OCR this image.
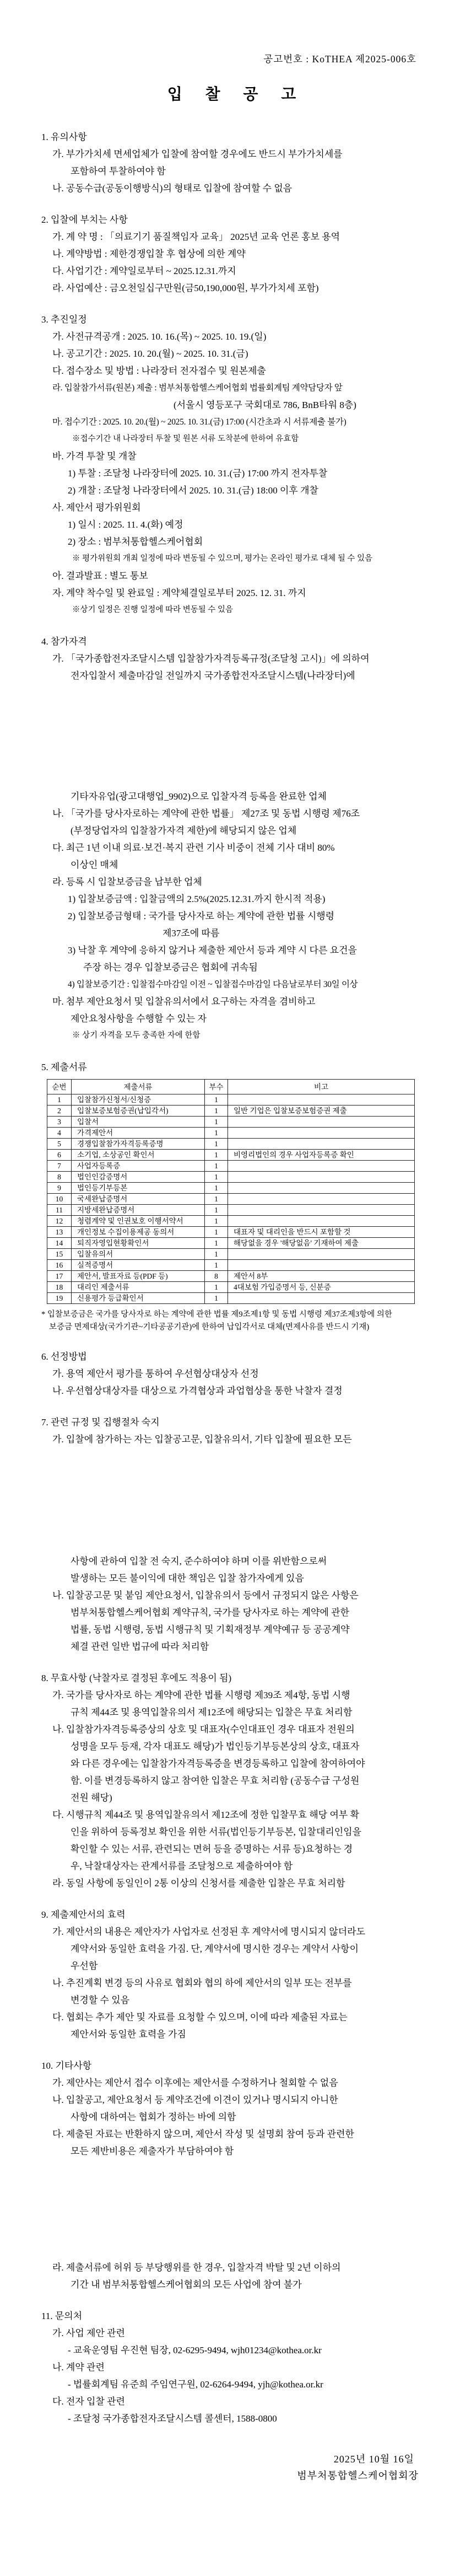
공고번호 : KoTHEA 제2025-006호
입 찰 공 고
1. 유의사항
가. 부가가치세 면세업체가 입찰에 참여할 경우에도 반드시 부가가치세를
포함하여 투찰하여야 함
나. 공동수급(공동이행방식)의 형태로 입찰에 참여할 수 없음
2. 입찰에 부치는 사항
가. 계 약 명 : 「의료기기 품질책임자 교육」 2025년 교육 언론 홍보 용역
나. 계약방법 : 제한경쟁입찰 후 협상에 의한 계약
다. 사업기간 : 계약일로부터 ~ 2025.12.31.까지
라. 사업예산 : 금오천일십구만원(금50,190,000원, 부가가치세 포함)
3. 추진일정
가. 사전규격공개 : 2025. 10. 16.(목) ~ 2025. 10. 19.(일)
나. 공고기간 : 2025. 10. 20.(월) ~ 2025. 10. 31.(금)
다. 접수장소 및 방법 : 나라장터 전자접수 및 원본제출
라. 입찰참가서류(원본) 제출 : 범부처통합헬스케어협회 법률회계팀 계약담당자 앞
(서울시 영등포구 국회대로 786, BnB타워 8층)
마. 접수기간 : 2025. 10. 20.(월) ~ 2025. 10. 31.(금) 17:00 (시간초과 시 서류제출 불가)
※접수기간 내 나라장터 투찰 및 원본 서류 도착분에 한하여 유효함
바. 가격 투찰 및 개찰
1) 투찰 : 조달청 나라장터에 2025. 10. 31.(금) 17:00 까지 전자투찰
2) 개찰 : 조달청 나라장터에서 2025. 10. 31.(금) 18:00 이후 개찰
사. 제안서 평가위원회
1) 일시 : 2025. 11. 4.(화) 예정
2) 장소 : 범부처통합헬스케어협회
※ 평가위원회 개최 일정에 따라 변동될 수 있으며, 평가는 온라인 평가로 대체 될 수 있음
아. 결과발표 : 별도 통보
자. 계약 착수일 및 완료일 : 계약체결일로부터 2025. 12. 31. 까지
※상기 일정은 진행 일정에 따라 변동될 수 있음
4. 참가자격
가. 「국가종합전자조달시스템 입찰참가자격등록규정(조달청 고시)」에 의하여
전자입찰서 제출마감일 전일까지 국가종합전자조달시스템(나라장터)에
기타자유업(광고대행업_9902)으로 입찰자격 등록을 완료한 업체
나. 「국가를 당사자로하는 계약에 관한 법률」 제27조 및 동법 시행령 제76조
(부정당업자의 입찰참가자격 제한)에 해당되지 않은 업체
다. 최근 1년 이내 의료·보건·복지 관련 기사 비중이 전체 기사 대비 80%
이상인 매체
라. 등록 시 입찰보증금을 납부한 업체
1) 입찰보증금액 : 입찰금액의 2.5%(2025.12.31.까지 한시적 적용)
2) 입찰보증금형태 : 국가를 당사자로 하는 계약에 관한 법률 시행령
제37조에 따름
3) 낙찰 후 계약에 응하지 않거나 제출한 제안서 등과 계약 시 다른 요건을
주장 하는 경우 입찰보증금은 협회에 귀속됨
4) 입찰보증기간 : 입찰접수마감일 이전 ~ 입찰접수마감일 다음날로부터 30일 이상
마. 첨부 제안요청서 및 입찰유의서에서 요구하는 자격을 겸비하고
제안요청사항을 수행할 수 있는 자
※ 상기 자격을 모두 충족한 자에 한함
5. 제출서류
순번	제출서류	부수	비고
1	입찰참가신청서/신청증	1	
2	입찰보증보험증권(납입각서)	1	일반 기업은 입찰보증보험증권 제출
3	입찰서	1	
4	가격제안서	1	
5	경쟁입찰참가자격등록증명	1	
6	소기업, 소상공인 확인서	1	비영리법인의 경우 사업자등록증 확인
7	사업자등록증	1	
8	법인인감증명서	1	
9	법인등기부등본	1	
10	국세완납증명서	1	
11	지방세완납증명서	1	
12	청렴계약 및 인권보호 이행서약서	1	
13	개인정보 수집이용제공 동의서	1	대표자 및 대리인을 반드시 포함할 것
14	퇴직자영입현황확인서	1	해당없을 경우 '해당없음' 기재하여 제출
15	입찰유의서	1	
16	실적증명서	1	
17	제안서, 발표자료 등(PDF 등)	8	제안서 8부
18	대리인 제출서류	1	4대보험 가입증명서 등, 신분증
19	신용평가 등급확인서	1	
* 입찰보증금은 국가를 당사자로 하는 계약에 관한 법률 제9조제1항 및 동법 시행령 제37조제3항에 의한
보증금 면제대상(국가기관~기타공공기관)에 한하여 납입각서로 대체(면제사유를 반드시 기재)
6. 선정방법
가. 용역 제안서 평가를 통하여 우선협상대상자 선정
나. 우선협상대상자를 대상으로 가격협상과 과업협상을 통한 낙찰자 결정
7. 관련 규정 및 집행절차 숙지
가. 입찰에 참가하는 자는 입찰공고문, 입찰유의서, 기타 입찰에 필요한 모든
사항에 관하여 입찰 전 숙지, 준수하여야 하며 이를 위반함으로써
발생하는 모든 불이익에 대한 책임은 입찰 참가자에게 있음
나. 입찰공고문 및 붙임 제안요청서, 입찰유의서 등에서 규정되지 않은 사항은
범부처통합헬스케어협회 계약규칙, 국가를 당사자로 하는 계약에 관한
법률, 동법 시행령, 동법 시행규칙 및 기획재정부 계약예규 등 공공계약
체결 관련 일반 법규에 따라 처리함
8. 무효사항 (낙찰자로 결정된 후에도 적용이 됨)
가. 국가를 당사자로 하는 계약에 관한 법률 시행령 제39조 제4항, 동법 시행
규칙 제44조 및 용역입찰유의서 제12조에 해당되는 입찰은 무효 처리함
나. 입찰참가자격등록증상의 상호 및 대표자(수인대표인 경우 대표자 전원의
성명을 모두 등재, 각자 대표도 해당)가 법인등기부등본상의 상호, 대표자
와 다른 경우에는 입찰참가자격등록증을 변경등록하고 입찰에 참여하여야
함. 이를 변경등록하지 않고 참여한 입찰은 무효 처리함 (공동수급 구성원
전원 해당)
다. 시행규칙 제44조 및 용역입찰유의서 제12조에 정한 입찰무효 해당 여부 확
인을 위하여 등록정보 확인을 위한 서류(법인등기부등본, 입찰대리인임을
확인할 수 있는 서류, 관련되는 면허 등을 증명하는 서류 등)요청하는 경
우, 낙찰대상자는 관계서류를 조달청으로 제출하여야 함
라. 동일 사항에 동일인이 2통 이상의 신청서를 제출한 입찰은 무효 처리함
9. 제출제안서의 효력
가. 제안서의 내용은 제안자가 사업자로 선정된 후 계약서에 명시되지 않더라도
계약서와 동일한 효력을 가짐. 단, 계약서에 명시한 경우는 계약서 사항이
우선함
나. 추진계획 변경 등의 사유로 협회와 협의 하에 제안서의 일부 또는 전부를
변경할 수 있음
다. 협회는 추가 제안 및 자료를 요청할 수 있으며, 이에 따라 제출된 자료는
제안서와 동일한 효력을 가짐
10. 기타사항
가. 제안사는 제안서 접수 이후에는 제안서를 수정하거나 철회할 수 없음
나. 입찰공고, 제안요청서 등 계약조건에 이견이 있거나 명시되지 아니한
사항에 대하여는 협회가 정하는 바에 의함
다. 제출된 자료는 반환하지 않으며, 제안서 작성 및 설명회 참여 등과 관련한
모든 제반비용은 제출자가 부담하여야 함
라. 제출서류에 허위 등 부당행위를 한 경우, 입찰자격 박탈 및 2년 이하의
기간 내 범부처통합헬스케어협회의 모든 사업에 참여 불가
11. 문의처
가. 사업 제안 관련
- 교육운영팀 우진현 팀장, 02-6295-9494, wjh01234@kothea.or.kr
나. 계약 관련
- 법률회계팀 유준희 주임연구원, 02-6264-9494, yjh@kothea.or.kr
다. 전자 입찰 관련
- 조달청 국가종합전자조달시스템 콜센터, 1588-0800
2025년 10월 16일
범부처통합헬스케어협회장
